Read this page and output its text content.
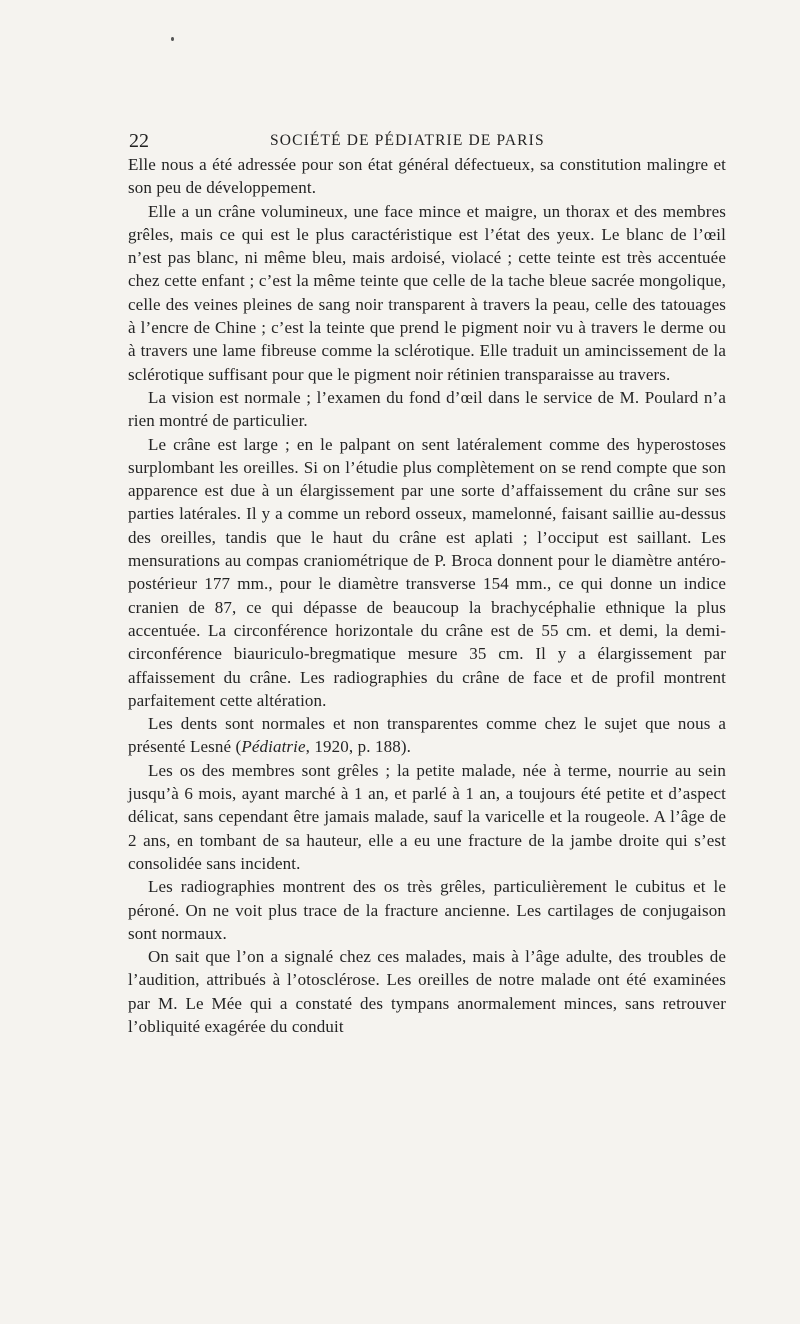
22	SOCIÉTÉ DE PÉDIATRIE DE PARIS

Elle nous a été adressée pour son état général défectueux, sa constitution malingre et son peu de développement.

Elle a un crâne volumineux, une face mince et maigre, un thorax et des membres grêles, mais ce qui est le plus caractéristique est l’état des yeux. Le blanc de l’œil n’est pas blanc, ni même bleu, mais ardoisé, violacé ; cette teinte est très accentuée chez cette enfant ; c’est la même teinte que celle de la tache bleue sacrée mongolique, celle des veines pleines de sang noir transparent à travers la peau, celle des tatouages à l’encre de Chine ; c’est la teinte que prend le pigment noir vu à travers le derme ou à travers une lame fibreuse comme la sclérotique. Elle traduit un amincissement de la sclérotique suffisant pour que le pigment noir rétinien transparaisse au travers.

La vision est normale ; l’examen du fond d’œil dans le service de M. Poulard n’a rien montré de particulier.

Le crâne est large ; en le palpant on sent latéralement comme des hyperostoses surplombant les oreilles. Si on l’étudie plus complètement on se rend compte que son apparence est due à un élargissement par une sorte d’affaissement du crâne sur ses parties latérales. Il y a comme un rebord osseux, mamelonné, faisant saillie au-dessus des oreilles, tandis que le haut du crâne est aplati ; l’occiput est saillant. Les mensurations au compas craniométrique de P. Broca donnent pour le diamètre antéro-postérieur 177 mm., pour le diamètre transverse 154 mm., ce qui donne un indice cranien de 87, ce qui dépasse de beaucoup la brachycéphalie ethnique la plus accentuée. La circonférence horizontale du crâne est de 55 cm. et demi, la demi-circonférence biauriculo-bregmatique mesure 35 cm. Il y a élargissement par affaissement du crâne. Les radiographies du crâne de face et de profil montrent parfaitement cette altération.

Les dents sont normales et non transparentes comme chez le sujet que nous a présenté Lesné (Pédiatrie, 1920, p. 188).

Les os des membres sont grêles ; la petite malade, née à terme, nourrie au sein jusqu’à 6 mois, ayant marché à 1 an, et parlé à 1 an, a toujours été petite et d’aspect délicat, sans cependant être jamais malade, sauf la varicelle et la rougeole. A l’âge de 2 ans, en tombant de sa hauteur, elle a eu une fracture de la jambe droite qui s’est consolidée sans incident.

Les radiographies montrent des os très grêles, particulièrement le cubitus et le péroné. On ne voit plus trace de la fracture ancienne. Les cartilages de conjugaison sont normaux.

On sait que l’on a signalé chez ces malades, mais à l’âge adulte, des troubles de l’audition, attribués à l’otosclérose. Les oreilles de notre malade ont été examinées par M. Le Mée qui a constaté des tympans anormalement minces, sans retrouver l’obliquité exagérée du conduit
